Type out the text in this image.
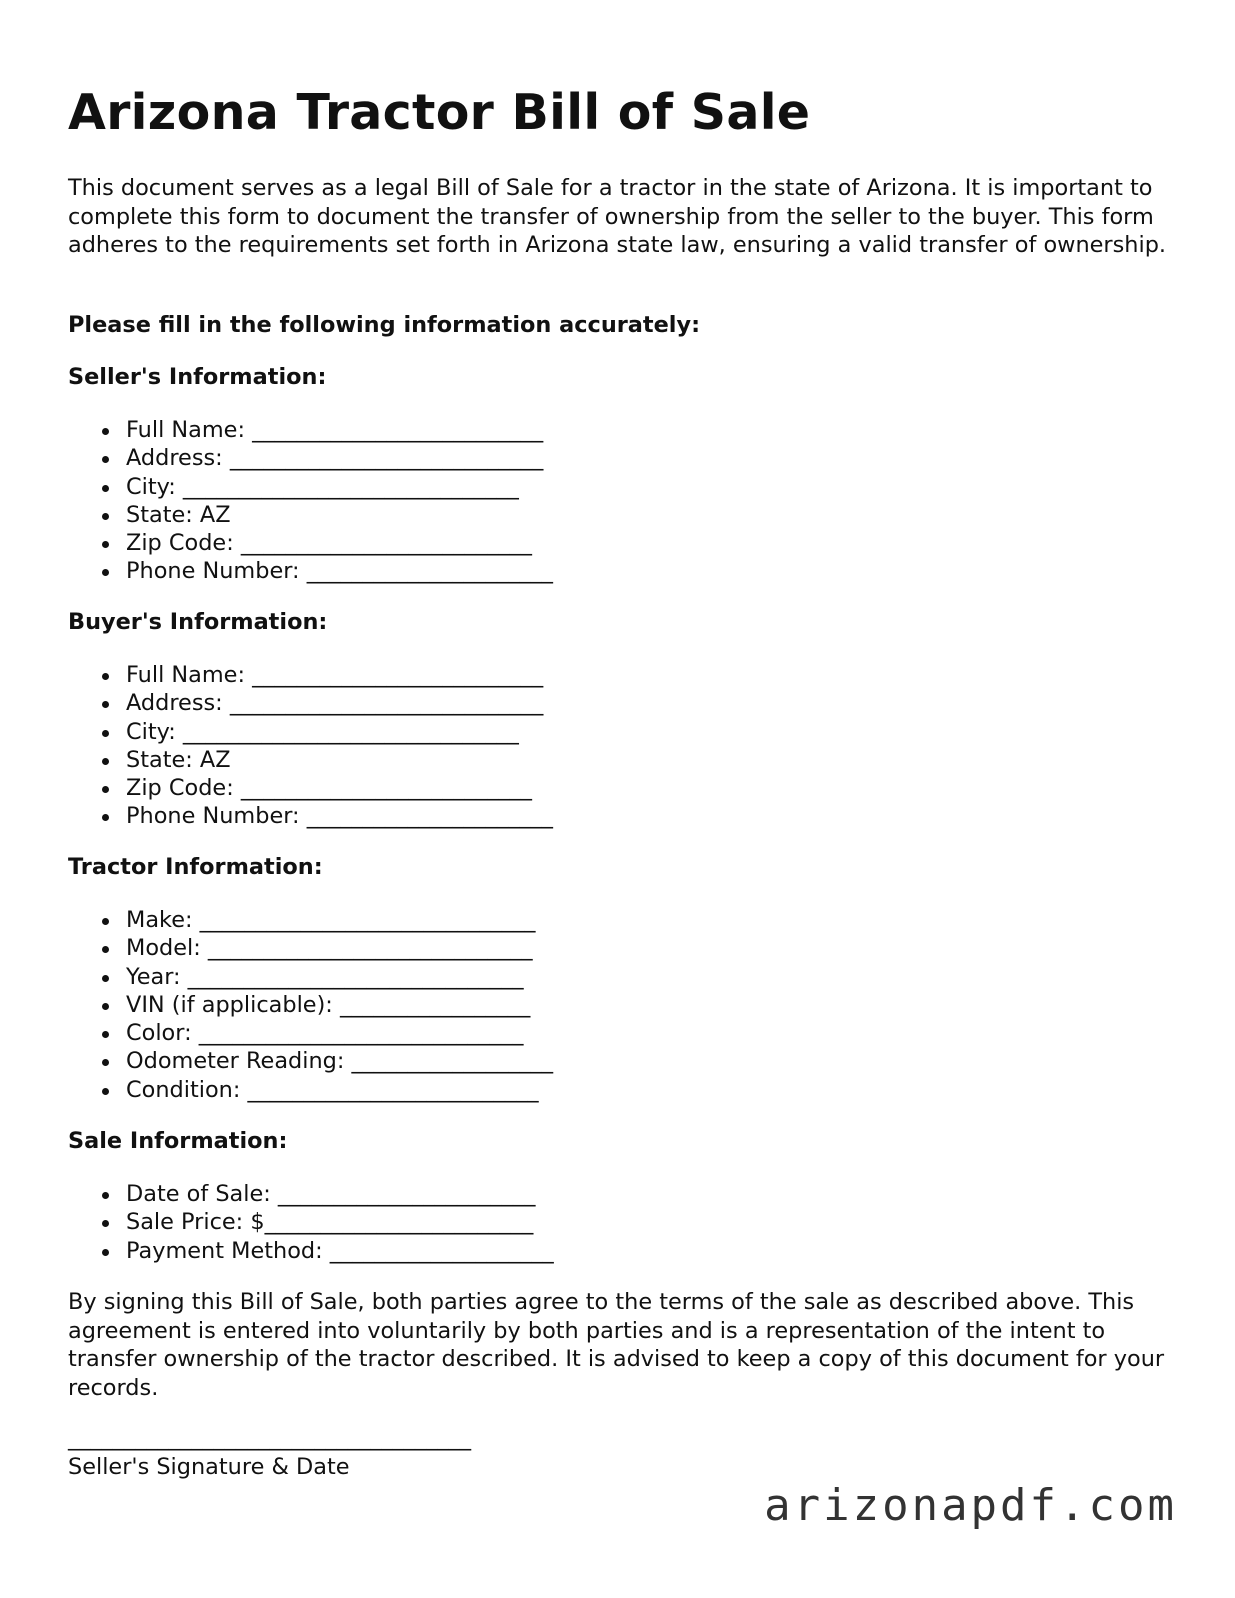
Arizona Tractor Bill of Sale

This document serves as a legal Bill of Sale for a tractor in the state of Arizona. It is important to complete this form to document the transfer of ownership from the seller to the buyer. This form adheres to the requirements set forth in Arizona state law, ensuring a valid transfer of ownership.

Please fill in the following information accurately:

Seller's Information:

Full Name: __________________________
Address: ____________________________
City: ______________________________
State: AZ
Zip Code: __________________________
Phone Number: ______________________

Buyer's Information:

Full Name: __________________________
Address: ____________________________
City: ______________________________
State: AZ
Zip Code: __________________________
Phone Number: ______________________

Tractor Information:

Make: ______________________________
Model: _____________________________
Year: ______________________________
VIN (if applicable): _________________
Color: _____________________________
Odometer Reading: __________________
Condition: __________________________

Sale Information:

Date of Sale: _______________________
Sale Price: $________________________
Payment Method: ____________________

By signing this Bill of Sale, both parties agree to the terms of the sale as described above. This agreement is entered into voluntarily by both parties and is a representation of the intent to transfer ownership of the tractor described. It is advised to keep a copy of this document for your records.

____________________________________
Seller's Signature & Date
arizonapdf.com
